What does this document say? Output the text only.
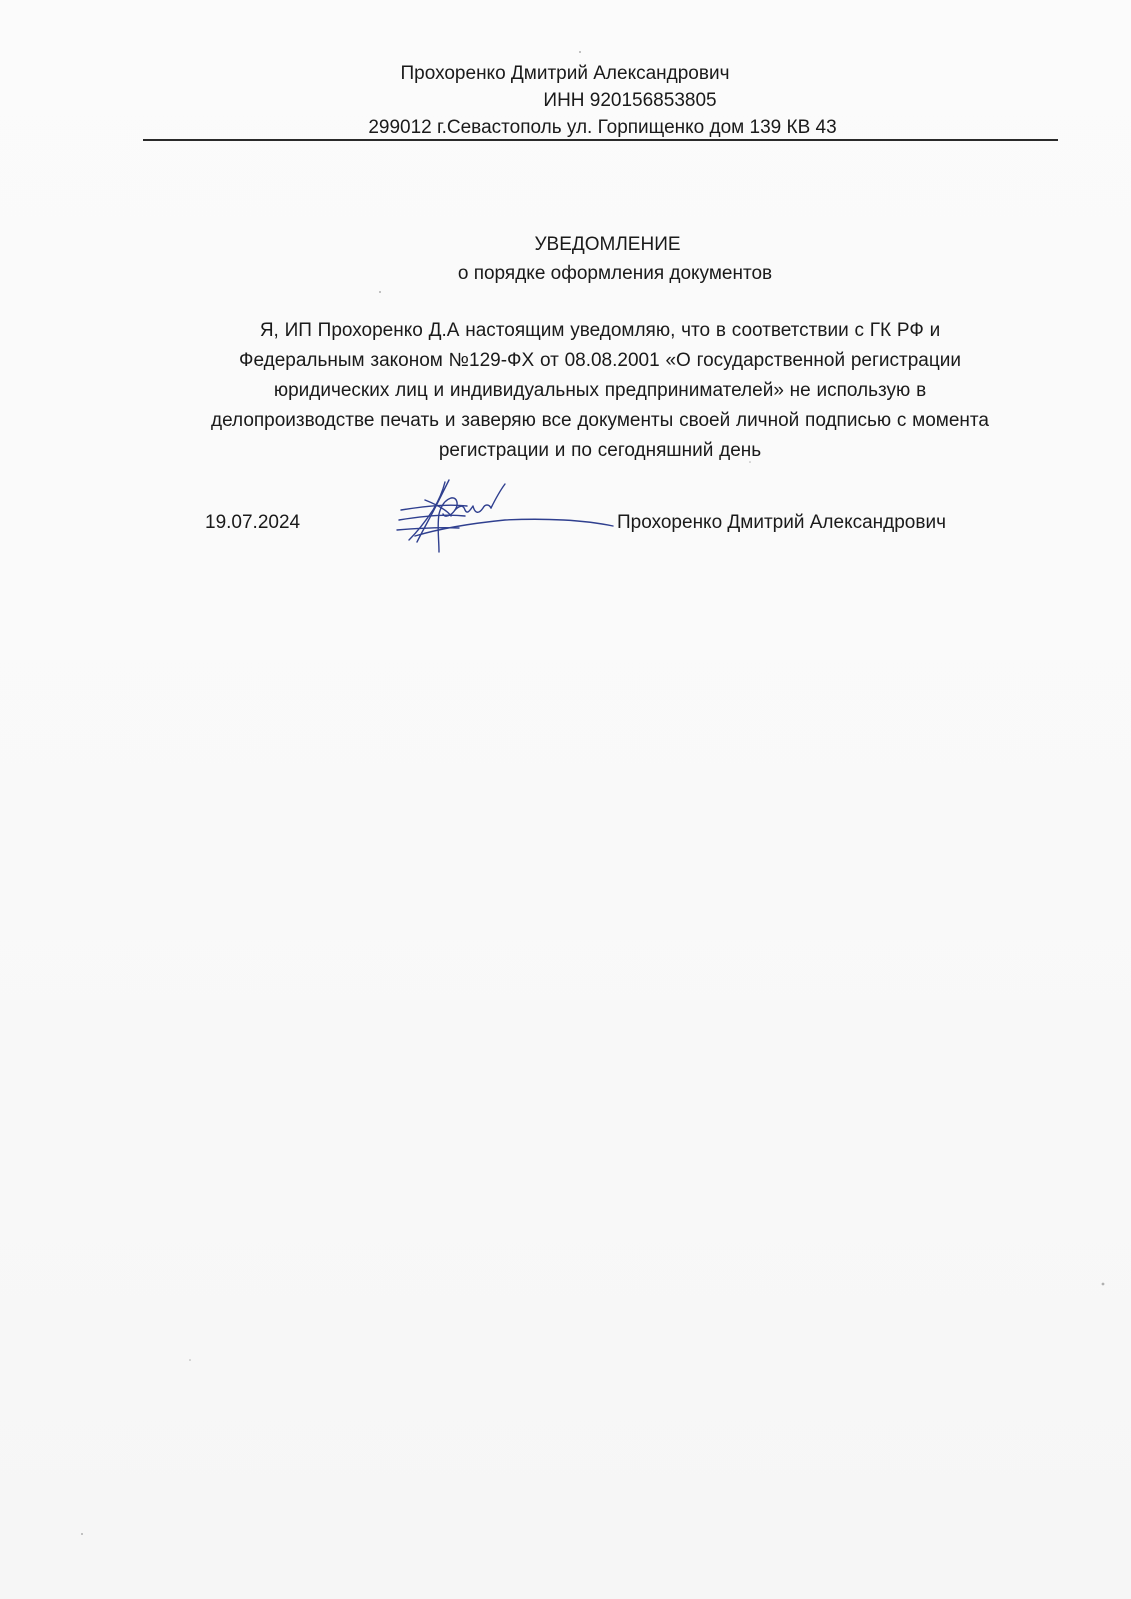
Прохоренко Дмитрий Александрович
ИНН 920156853805
299012 г.Севастополь ул. Горпищенко дом 139 КВ 43
УВЕДОМЛЕНИЕ
о порядке оформления документов
Я, ИП Прохоренко Д.А настоящим уведомляю, что в соответствии с ГК РФ и
Федеральным законом №129-ФХ от 08.08.2001 «О государственной регистрации
юридических лиц и индивидуальных предпринимателей» не использую в
делопроизводстве печать и заверяю все документы своей личной подписью с момента
регистрации и по сегодняшний день
19.07.2024	Прохоренко Дмитрий Александрович
